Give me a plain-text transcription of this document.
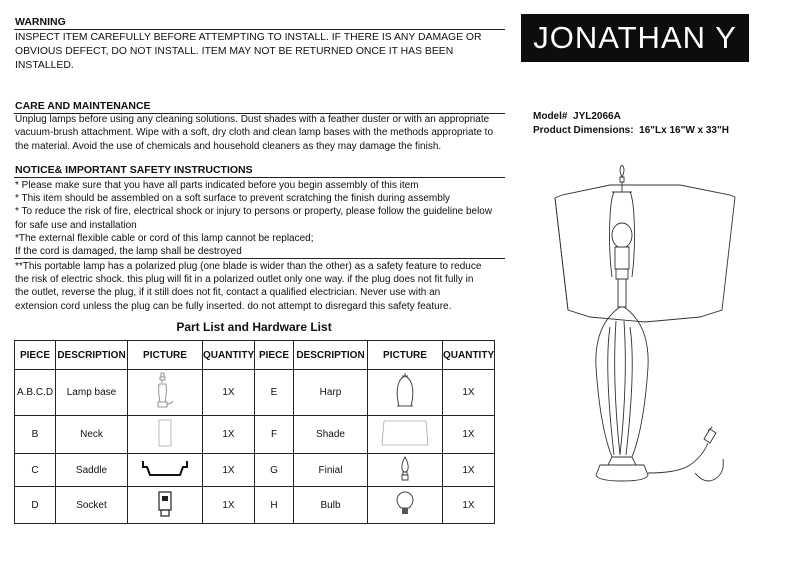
WARNING

INSPECT ITEM CAREFULLY BEFORE ATTEMPTING TO INSTALL. IF THERE IS ANY DAMAGE OR

OBVIOUS DEFECT, DO NOT INSTALL. ITEM MAY NOT BE RETURNED ONCE IT HAS BEEN INSTALLED.

JONATHAN Y
CARE AND MAINTENANCE

Unplug lamps before using any cleaning solutions. Dust shades with a feather duster or with an appropriate

vacuum-brush attachment. Wipe with a soft, dry cloth and clean lamp bases with the methods appropriate to

the material. Avoid the use of chemicals and household cleaners as they may damage the finish.

Model# JYL2066A
Product Dimensions: 16"Lx 16"W x 33"H
NOTICE& IMPORTANT SAFETY INSTRUCTIONS

* Please make sure that you have all parts indicated before you begin assembly of this item

* This item should be assembled on a soft surface to prevent scratching the finish during assembly

* To reduce the risk of fire, electrical shock or injury to persons or property, please follow the guideline below

for safe use and installation

*The external flexible cable or cord of this lamp cannot be replaced;

If the cord is damaged, the lamp shall be destroyed

**This portable lamp has a polarized plug (one blade is wider than the other) as a safety feature to reduce

the risk of electric shock. this plug will fit in a polarized outlet only one way. if the plug does not fit fully in

the outlet, reverse the plug, if it still does not fit, contact a qualified electrician. Never use with an

extension cord unless the plug can be fully inserted. do not attempt to disregard this safety feature.

Part List and Hardware List
PIECE	DESCRIPTION	PICTURE	QUANTITY	PIECE	DESCRIPTION	PICTURE	QUANTITY
A.B.C.D	Lamp base		1X	E	Harp		1X
B	Neck		1X	F	Shade		1X
C	Saddle		1X	G	Finial		1X
D	Socket		1X	H	Bulb		1X
